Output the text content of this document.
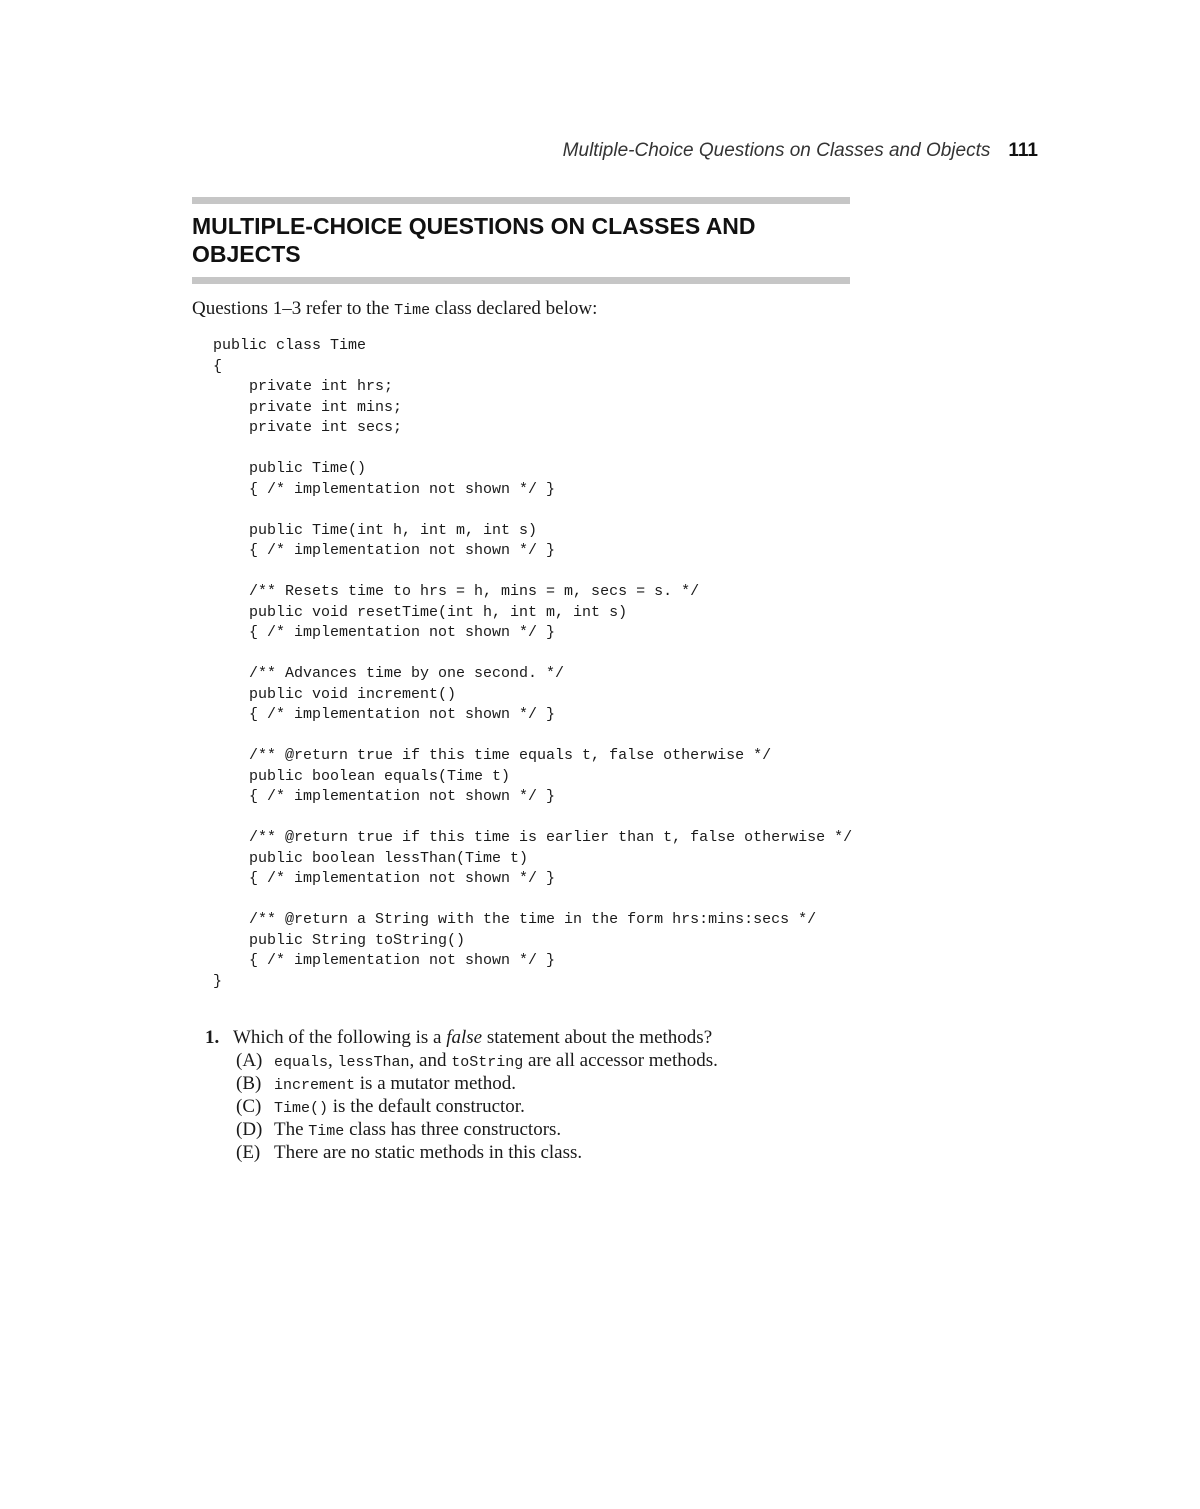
Multiple-Choice Questions on Classes and Objects 111
MULTIPLE-CHOICE QUESTIONS ON CLASSES AND OBJECTS
Questions 1–3 refer to the Time class declared below:
public class Time
{
private int hrs;
private int mins;
private int secs;
public Time()
{ /* implementation not shown */ }
public Time(int h, int m, int s)
{ /* implementation not shown */ }
/** Resets time to hrs = h, mins = m, secs = s. */
public void resetTime(int h, int m, int s)
{ /* implementation not shown */ }
/** Advances time by one second. */
public void increment()
{ /* implementation not shown */ }
/** @return true if this time equals t, false otherwise */
public boolean equals(Time t)
{ /* implementation not shown */ }
/** @return true if this time is earlier than t, false otherwise */
public boolean lessThan(Time t)
{ /* implementation not shown */ }
/** @return a String with the time in the form hrs:mins:secs */
public String toString()
{ /* implementation not shown */ }
}
1. Which of the following is a false statement about the methods?
(A) equals, lessThan, and toString are all accessor methods.
(B) increment is a mutator method.
(C) Time() is the default constructor.
(D) The Time class has three constructors.
(E) There are no static methods in this class.
